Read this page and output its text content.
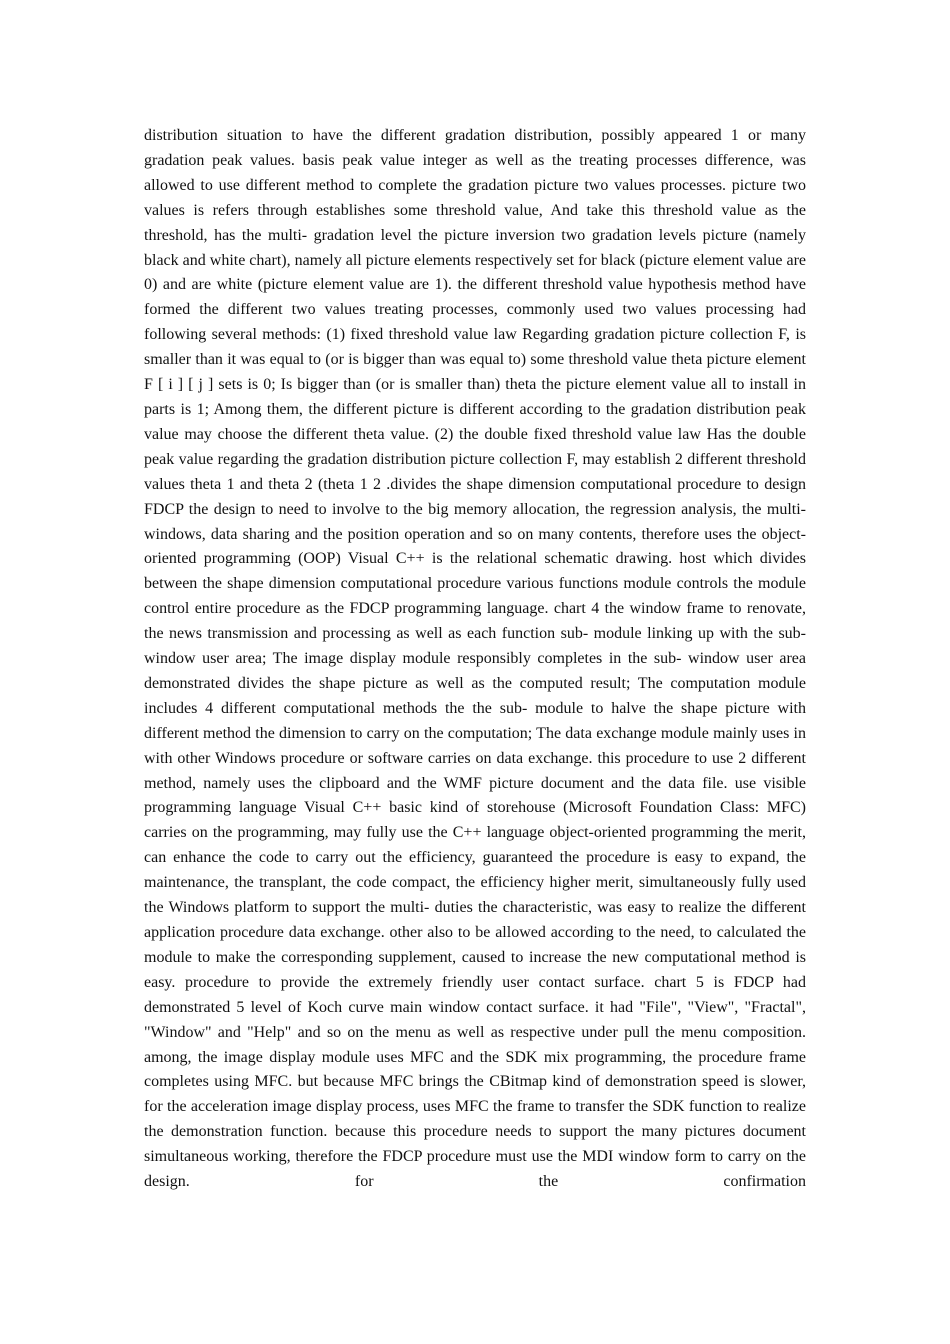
distribution situation to have the different gradation distribution, possibly appeared 1 or many gradation peak values. basis peak value integer as well as the treating processes difference, was allowed to use different method to complete the gradation picture two values processes. picture two values is refers through establishes some threshold value, And take this threshold value as the threshold, has the multi- gradation level the picture inversion two gradation levels picture (namely black and white chart), namely all picture elements respectively set for black (picture element value are 0) and are white (picture element value are 1). the different threshold value hypothesis method have formed the different two values treating processes, commonly used two values processing had following several methods: (1) fixed threshold value law Regarding gradation picture collection F, is smaller than it was equal to (or is bigger than was equal to) some threshold value theta picture element F [ i ] [ j ] sets is 0; Is bigger than (or is smaller than) theta the picture element value all to install in parts is 1; Among them, the different picture is different according to the gradation distribution peak value may choose the different theta value. (2) the double fixed threshold value law Has the double peak value regarding the gradation distribution picture collection F, may establish 2 different threshold values theta 1 and theta 2 (theta 1 2 .divides the shape dimension computational procedure to design FDCP the design to need to involve to the big memory allocation, the regression analysis, the multi- windows, data sharing and the position operation and so on many contents, therefore uses the object-oriented programming (OOP) Visual C++ is the relational schematic drawing. host which divides between the shape dimension computational procedure various functions module controls the module control entire procedure as the FDCP programming language. chart 4 the window frame to renovate, the news transmission and processing as well as each function sub- module linking up with the sub- window user area; The image display module responsibly completes in the sub- window user area demonstrated divides the shape picture as well as the computed result; The computation module includes 4 different computational methods the the sub- module to halve the shape picture with different method the dimension to carry on the computation; The data exchange module mainly uses in with other Windows procedure or software carries on data exchange. this procedure to use 2 different method, namely uses the clipboard and the WMF picture document and the data file. use visible programming language Visual C++ basic kind of storehouse (Microsoft Foundation Class: MFC) carries on the programming, may fully use the C++ language object-oriented programming the merit, can enhance the code to carry out the efficiency, guaranteed the procedure is easy to expand, the maintenance, the transplant, the code compact, the efficiency higher merit, simultaneously fully used the Windows platform to support the multi- duties the characteristic, was easy to realize the different application procedure data exchange. other also to be allowed according to the need, to calculated the module to make the corresponding supplement, caused to increase the new computational method is easy. procedure to provide the extremely friendly user contact surface. chart 5 is FDCP had demonstrated 5 level of Koch curve main window contact surface. it had "File", "View", "Fractal", "Window" and "Help" and so on the menu as well as respective under pull the menu composition. among, the image display module uses MFC and the SDK mix programming, the procedure frame completes using MFC. but because MFC brings the CBitmap kind of demonstration speed is slower, for the acceleration image display process, uses MFC the frame to transfer the SDK function to realize the demonstration function. because this procedure needs to support the many pictures document simultaneous working, therefore the FDCP procedure must use the MDI window form to carry on the design. for the confirmation
